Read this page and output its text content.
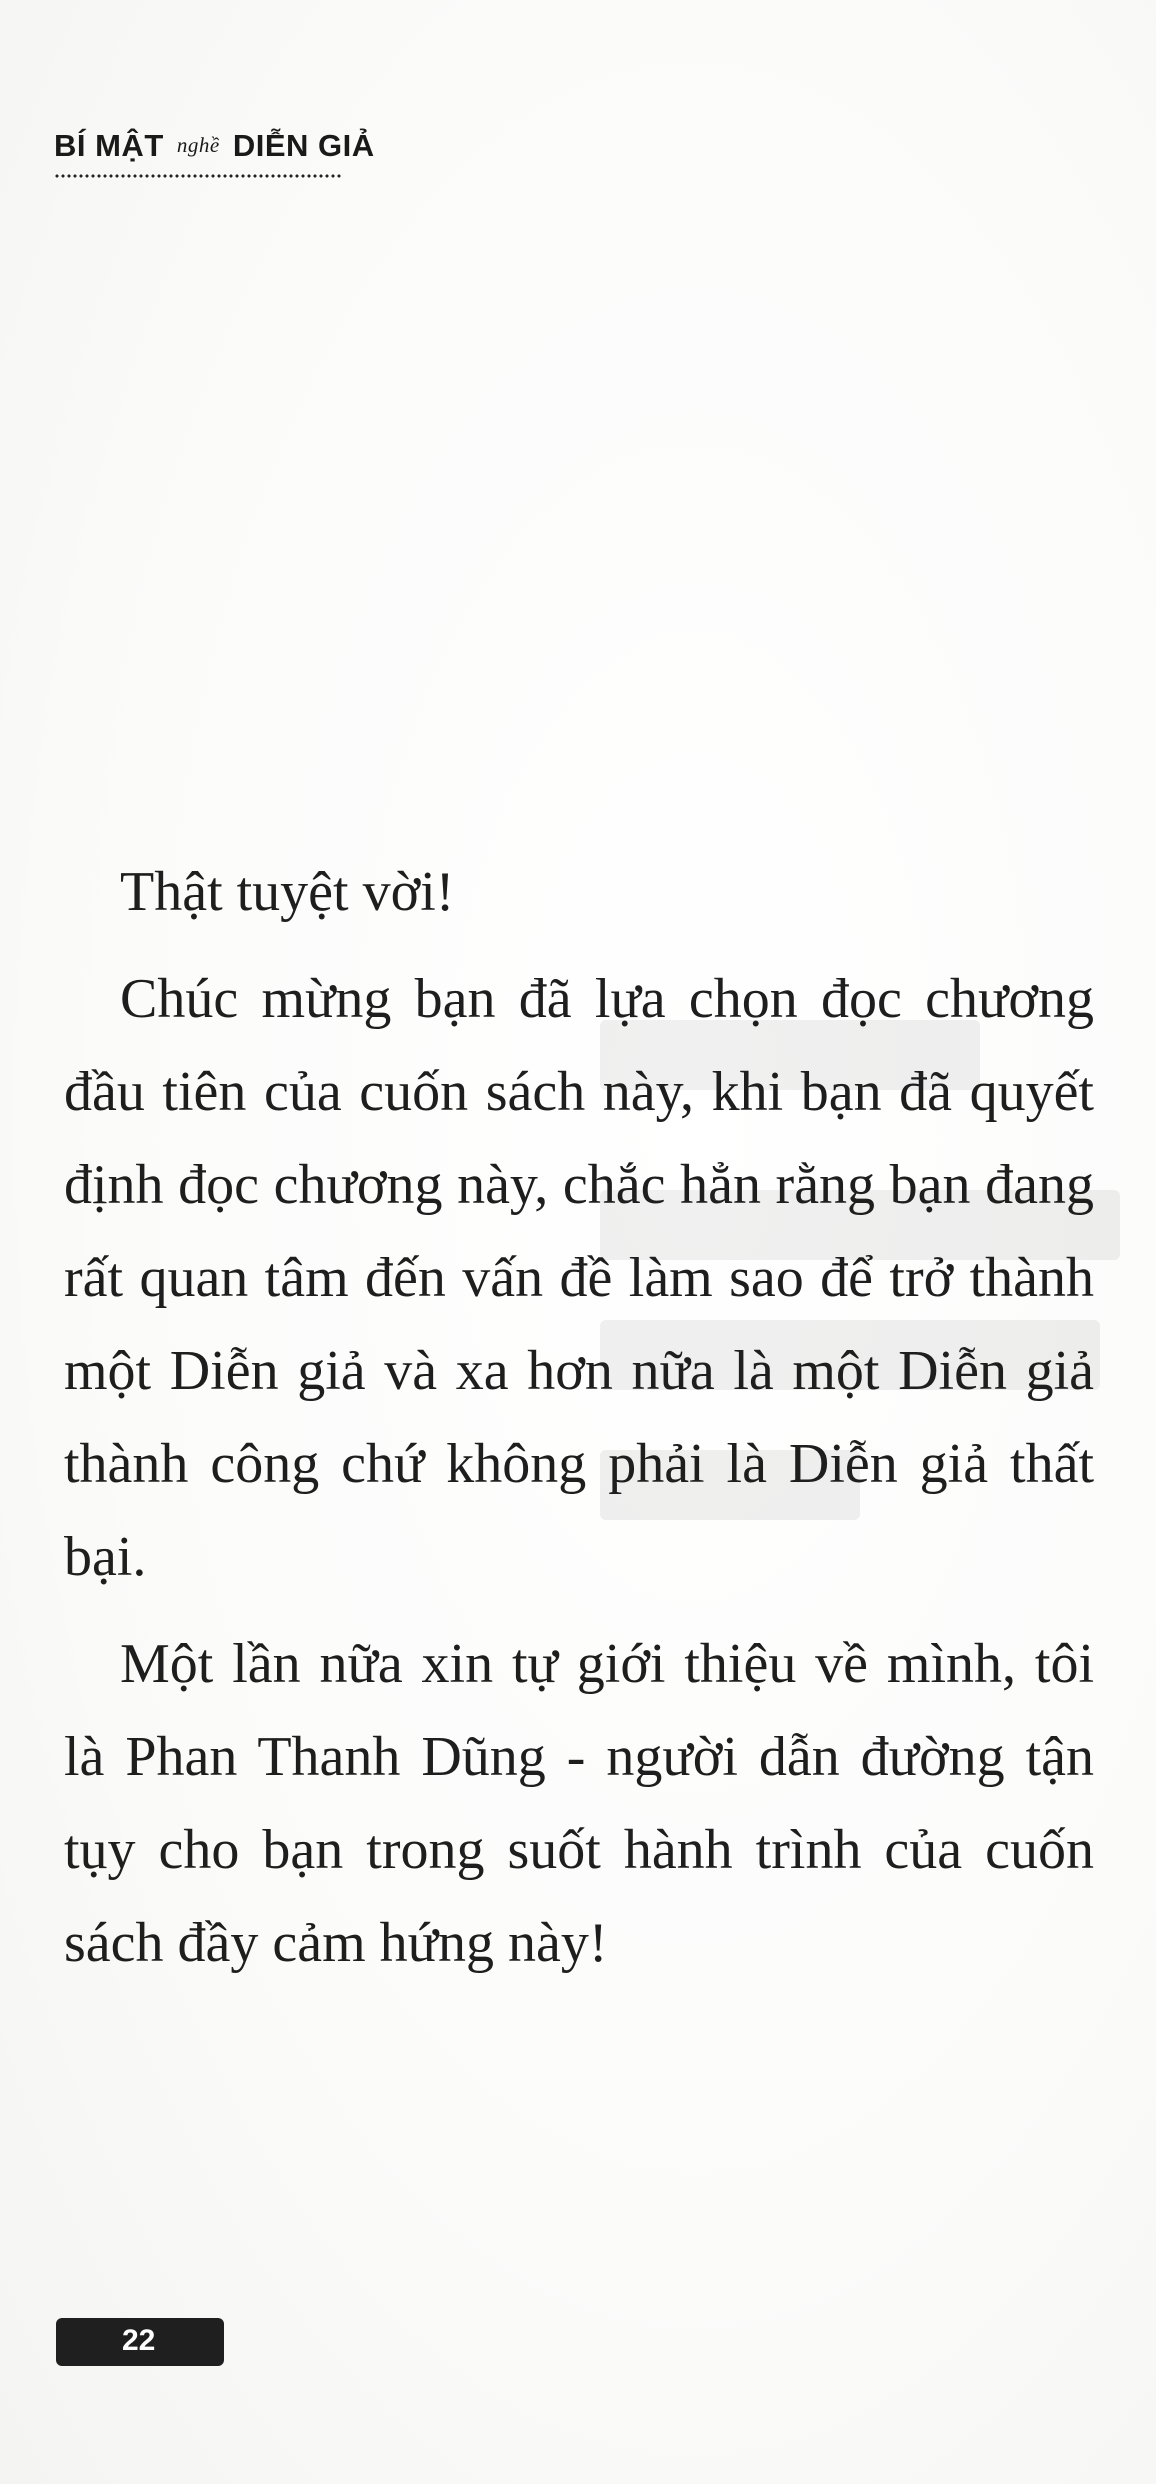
BÍ MẬT nghề DIỄN GIẢ

Thật tuyệt vời!

Chúc mừng bạn đã lựa chọn đọc chương đầu tiên của cuốn sách này, khi bạn đã quyết định đọc chương này, chắc hẳn rằng bạn đang rất quan tâm đến vấn đề làm sao để trở thành một Diễn giả và xa hơn nữa là một Diễn giả thành công chứ không phải là Diễn giả thất bại.

Một lần nữa xin tự giới thiệu về mình, tôi là Phan Thanh Dũng - người dẫn đường tận tụy cho bạn trong suốt hành trình của cuốn sách đầy cảm hứng này!

22
